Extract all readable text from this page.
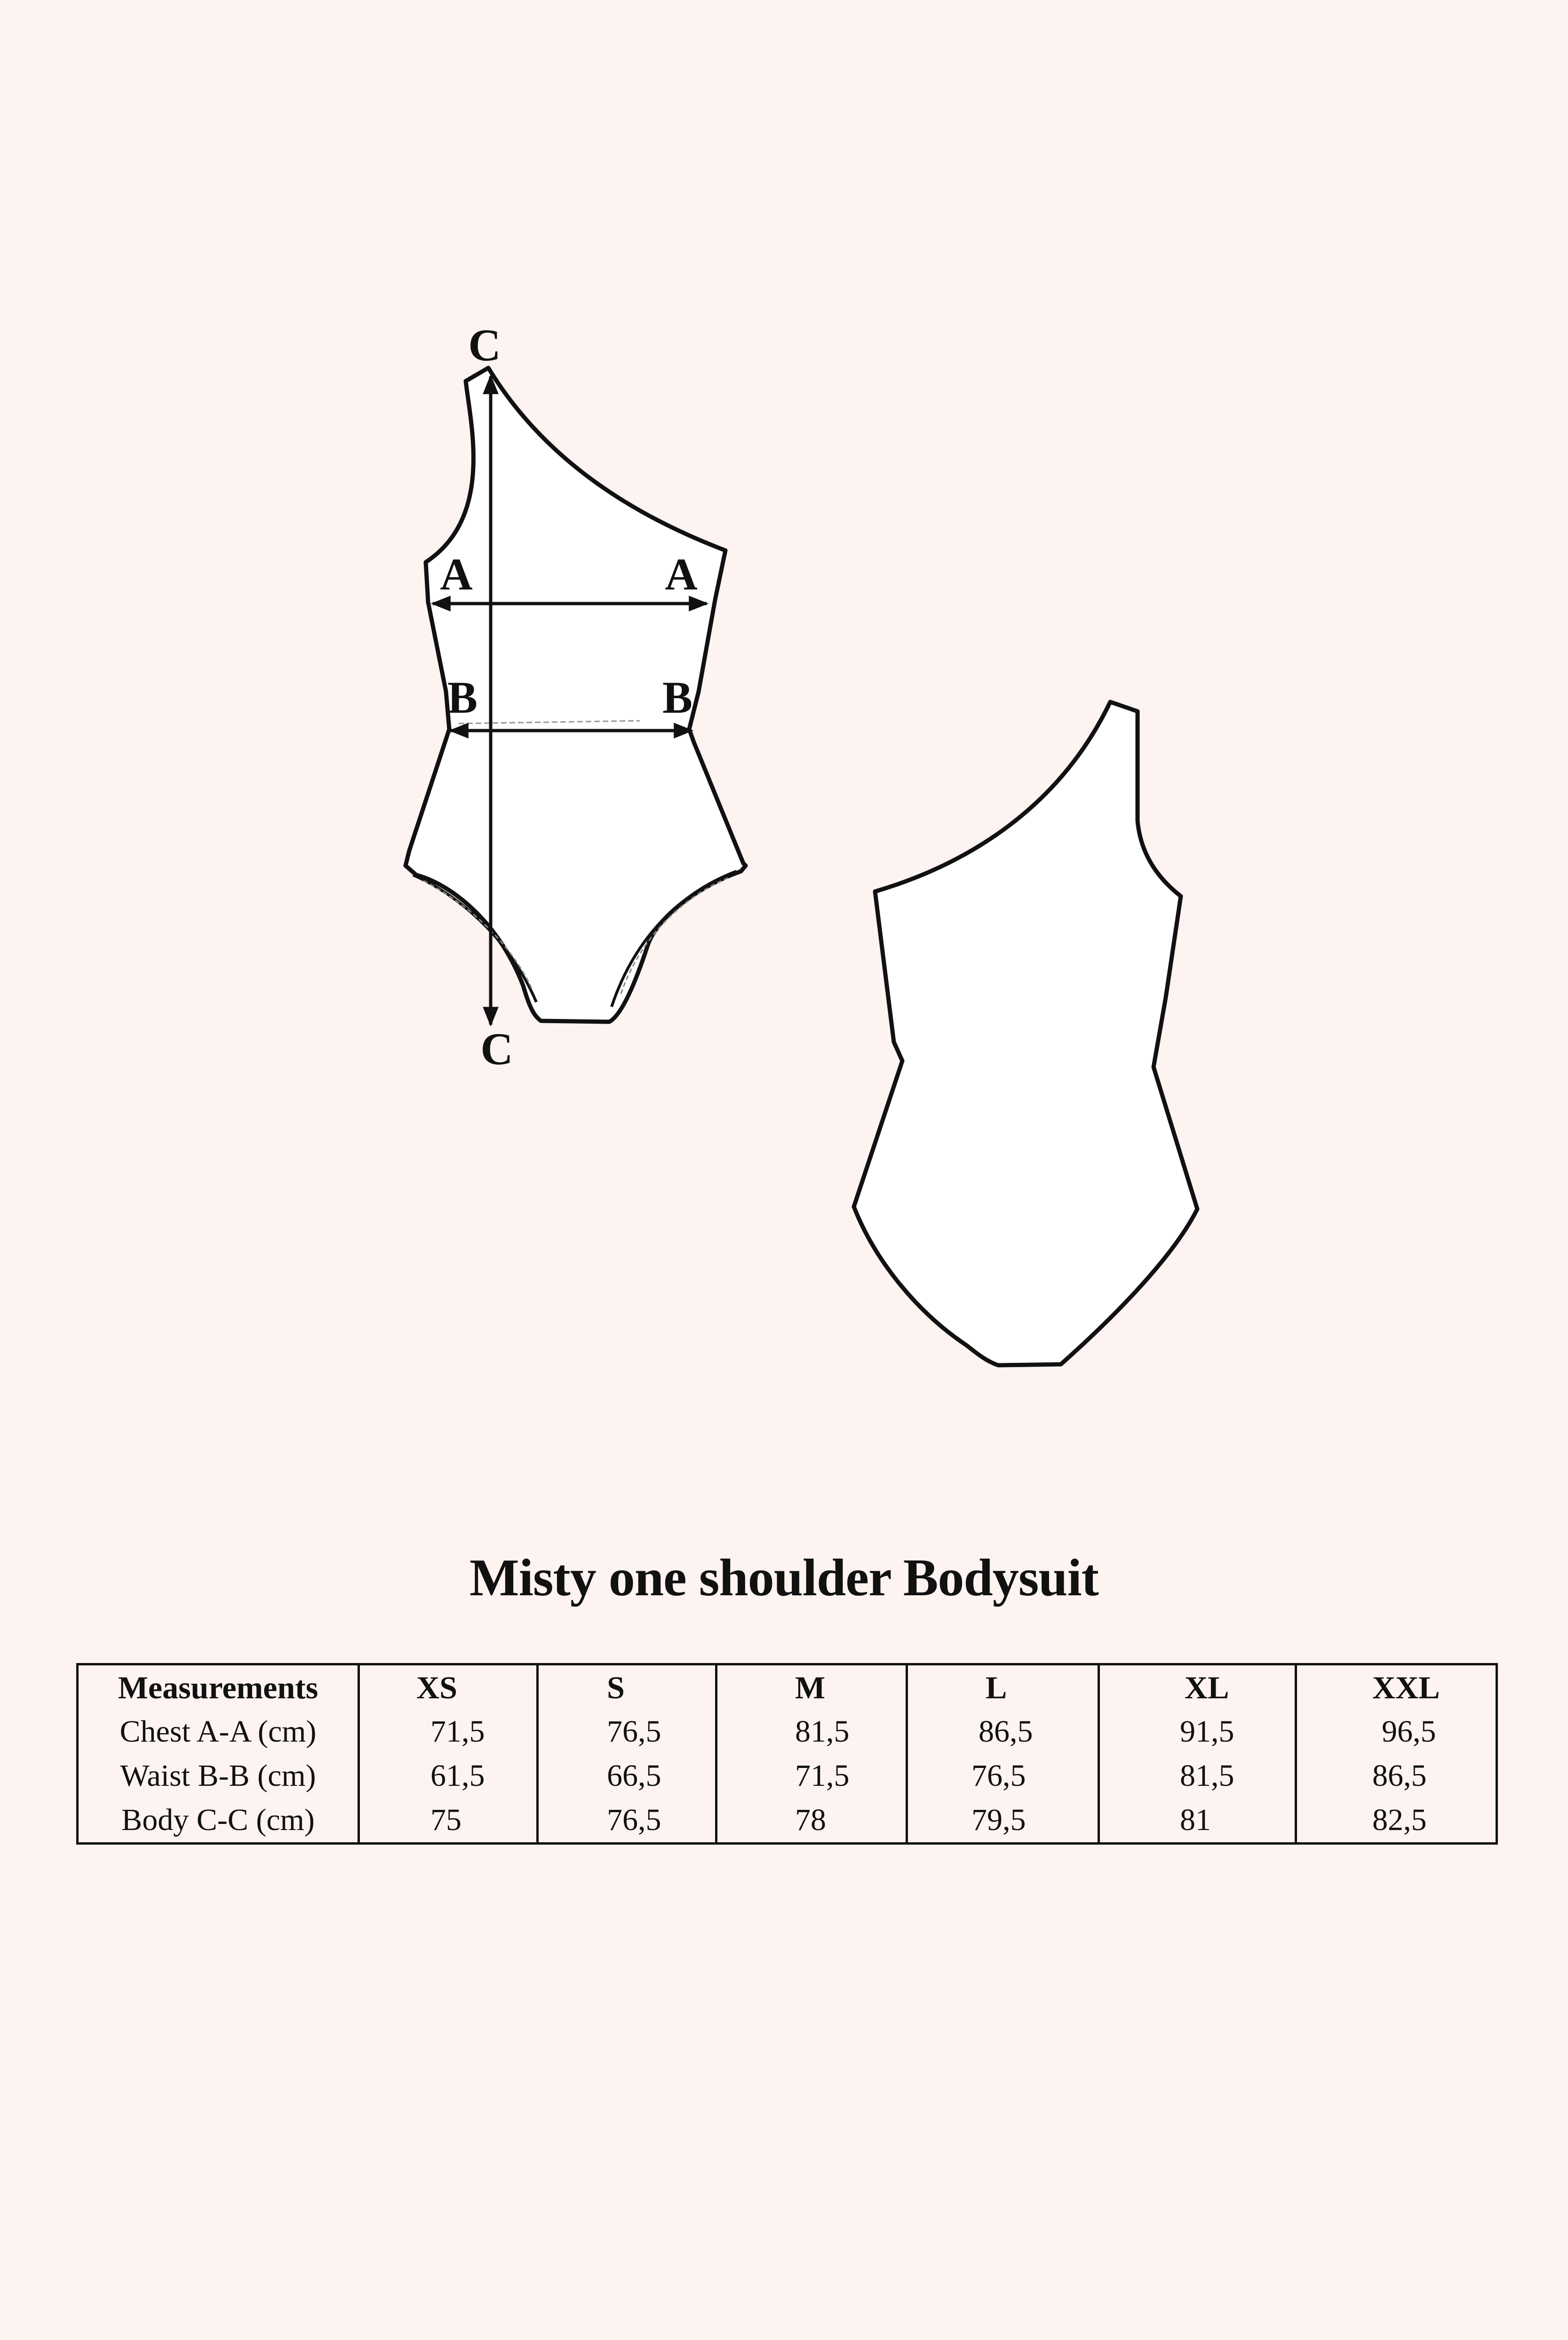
A	A
B	B
C
C
Misty one shoulder Bodysuit
Measurements	XS	S	M	L	XL	XXL
Chest A-A (cm)	71,5	76,5	81,5	86,5	91,5	96,5
Waist B-B (cm)	61,5	66,5	71,5	76,5	81,5	86,5
Body C-C (cm)	75	76,5	78	79,5	81	82,5
